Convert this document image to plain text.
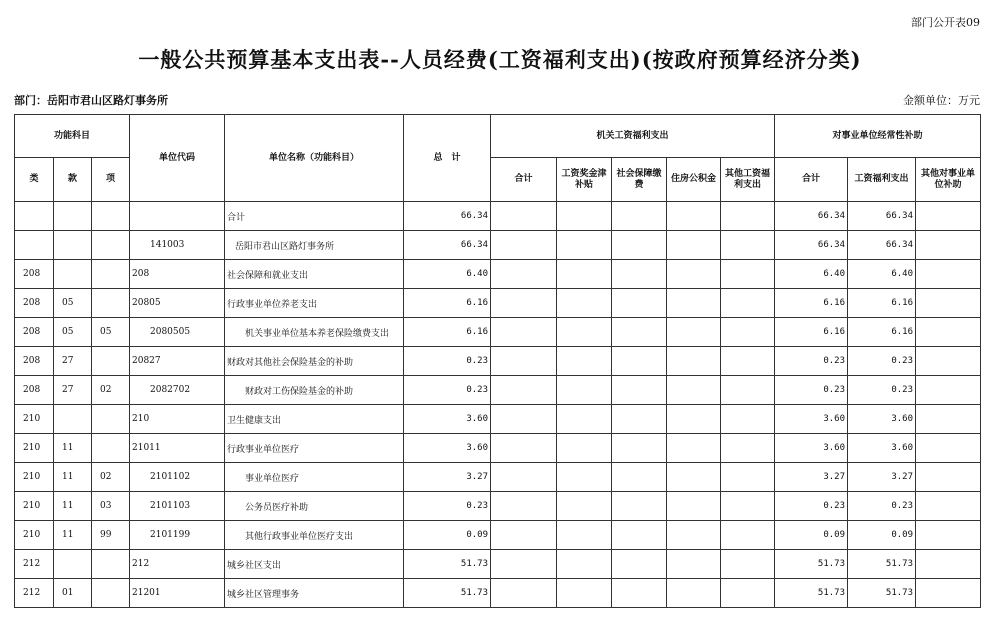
部门公开表09
一般公共预算基本支出表--人员经费(工资福利支出)(按政府预算经济分类)
部门：岳阳市君山区路灯事务所	金额单位：万元
功能科目			单位代码	单位名称（功能科目）	总　计	机关工资福利支出					对事业单位经常性补助		
类	款	项				合计	工资奖金津补贴	社会保障缴费	住房公积金	其他工资福利支出	合计	工资福利支出	其他对事业单位补助
				合计	66.34						66.34	66.34	
			141003	岳阳市君山区路灯事务所	66.34						66.34	66.34	
208			208	社会保障和就业支出	6.40						6.40	6.40	
208	05		20805	行政事业单位养老支出	6.16						6.16	6.16	
208	05	05	2080505	机关事业单位基本养老保险缴费支出	6.16						6.16	6.16	
208	27		20827	财政对其他社会保险基金的补助	0.23						0.23	0.23	
208	27	02	2082702	财政对工伤保险基金的补助	0.23						0.23	0.23	
210			210	卫生健康支出	3.60						3.60	3.60	
210	11		21011	行政事业单位医疗	3.60						3.60	3.60	
210	11	02	2101102	事业单位医疗	3.27						3.27	3.27	
210	11	03	2101103	公务员医疗补助	0.23						0.23	0.23	
210	11	99	2101199	其他行政事业单位医疗支出	0.09						0.09	0.09	
212			212	城乡社区支出	51.73						51.73	51.73	
212	01		21201	城乡社区管理事务	51.73						51.73	51.73	
